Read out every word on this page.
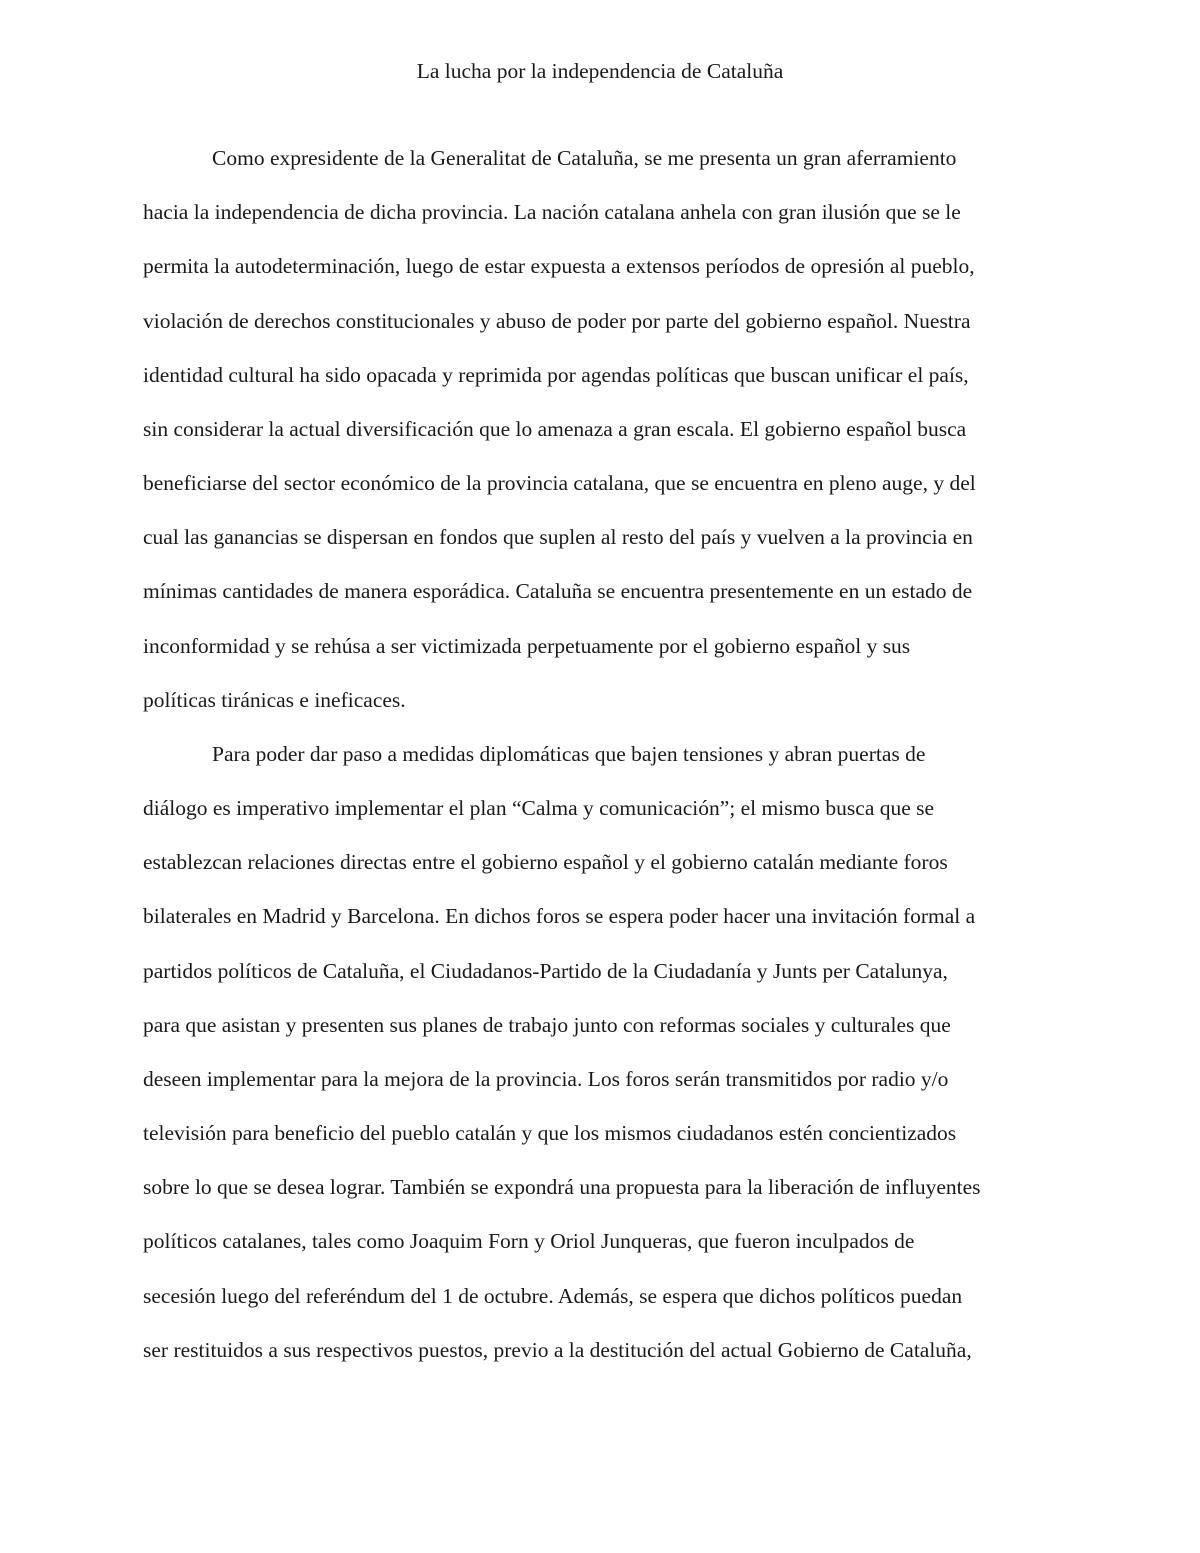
La lucha por la independencia de Cataluña
Como expresidente de la Generalitat de Cataluña, se me presenta un gran aferramiento
hacia la independencia de dicha provincia. La nación catalana anhela con gran ilusión que se le
permita la autodeterminación, luego de estar expuesta a extensos períodos de opresión al pueblo,
violación de derechos constitucionales y abuso de poder por parte del gobierno español. Nuestra
identidad cultural ha sido opacada y reprimida por agendas políticas que buscan unificar el país,
sin considerar la actual diversificación que lo amenaza a gran escala. El gobierno español busca
beneficiarse del sector económico de la provincia catalana, que se encuentra en pleno auge, y del
cual las ganancias se dispersan en fondos que suplen al resto del país y vuelven a la provincia en
mínimas cantidades de manera esporádica. Cataluña se encuentra presentemente en un estado de
inconformidad y se rehúsa a ser victimizada perpetuamente por el gobierno español y sus
políticas tiránicas e ineficaces.
Para poder dar paso a medidas diplomáticas que bajen tensiones y abran puertas de
diálogo es imperativo implementar el plan “Calma y comunicación”; el mismo busca que se
establezcan relaciones directas entre el gobierno español y el gobierno catalán mediante foros
bilaterales en Madrid y Barcelona. En dichos foros se espera poder hacer una invitación formal a
partidos políticos de Cataluña, el Ciudadanos-Partido de la Ciudadanía y Junts per Catalunya,
para que asistan y presenten sus planes de trabajo junto con reformas sociales y culturales que
deseen implementar para la mejora de la provincia. Los foros serán transmitidos por radio y/o
televisión para beneficio del pueblo catalán y que los mismos ciudadanos estén concientizados
sobre lo que se desea lograr. También se expondrá una propuesta para la liberación de influyentes
políticos catalanes, tales como Joaquim Forn y Oriol Junqueras, que fueron inculpados de
secesión luego del referéndum del 1 de octubre. Además, se espera que dichos políticos puedan
ser restituidos a sus respectivos puestos, previo a la destitución del actual Gobierno de Cataluña,
